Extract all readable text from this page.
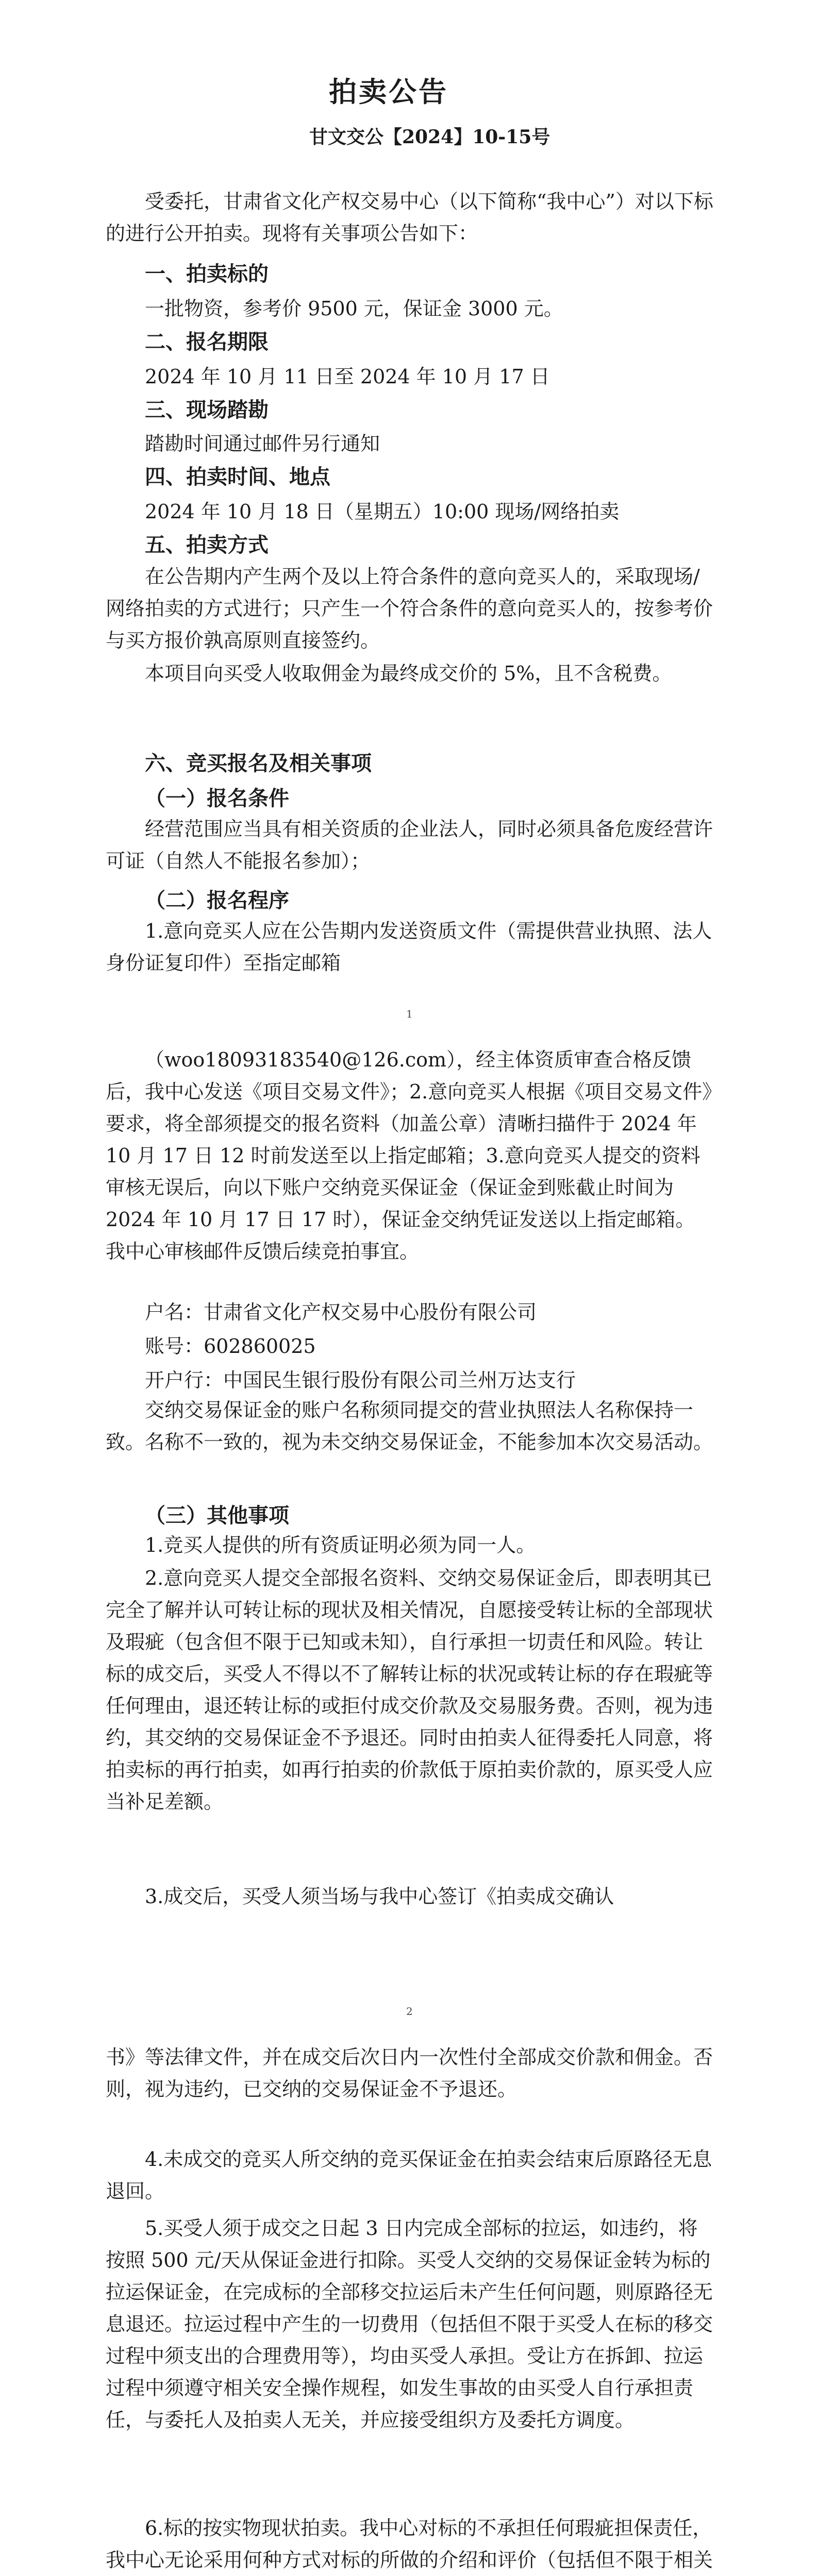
拍卖公告
甘文交公【2024】10-15号
受委托，甘肃省文化产权交易中心（以下简称“我中心”）对以下标的进行公开拍卖。现将有关事项公告如下：
一、拍卖标的
一批物资，参考价 9500 元，保证金 3000 元。
二、报名期限
2024 年 10 月 11 日至 2024 年 10 月 17 日
三、现场踏勘
踏勘时间通过邮件另行通知
四、拍卖时间、地点
2024 年 10 月 18 日（星期五）10:00 现场/网络拍卖
五、拍卖方式
在公告期内产生两个及以上符合条件的意向竞买人的，采取现场/网络拍卖的方式进行；只产生一个符合条件的意向竞买人的，按参考价与买方报价孰高原则直接签约。
本项目向买受人收取佣金为最终成交价的 5%，且不含税费。
六、竞买报名及相关事项
（一）报名条件
经营范围应当具有相关资质的企业法人，同时必须具备危废经营许可证（自然人不能报名参加）；
（二）报名程序
1.意向竞买人应在公告期内发送资质文件（需提供营业执照、法人身份证复印件）至指定邮箱
1
（woo18093183540@126.com），经主体资质审查合格反馈后，我中心发送《项目交易文件》；2.意向竞买人根据《项目交易文件》要求，将全部须提交的报名资料（加盖公章）清晰扫描件于 2024 年 10 月 17 日 12 时前发送至以上指定邮箱；3.意向竞买人提交的资料审核无误后，向以下账户交纳竞买保证金（保证金到账截止时间为 2024 年 10 月 17 日 17 时），保证金交纳凭证发送以上指定邮箱。我中心审核邮件反馈后续竞拍事宜。
户名：甘肃省文化产权交易中心股份有限公司
账号：602860025
开户行：中国民生银行股份有限公司兰州万达支行
交纳交易保证金的账户名称须同提交的营业执照法人名称保持一致。名称不一致的，视为未交纳交易保证金，不能参加本次交易活动。
（三）其他事项
1.竞买人提供的所有资质证明必须为同一人。
2.意向竞买人提交全部报名资料、交纳交易保证金后，即表明其已完全了解并认可转让标的现状及相关情况，自愿接受转让标的全部现状及瑕疵（包含但不限于已知或未知），自行承担一切责任和风险。转让标的成交后，买受人不得以不了解转让标的状况或转让标的存在瑕疵等任何理由，退还转让标的或拒付成交价款及交易服务费。否则，视为违约，其交纳的交易保证金不予退还。同时由拍卖人征得委托人同意，将拍卖标的再行拍卖，如再行拍卖的价款低于原拍卖价款的，原买受人应当补足差额。
3.成交后，买受人须当场与我中心签订《拍卖成交确认
2
书》等法律文件，并在成交后次日内一次性付全部成交价款和佣金。否则，视为违约，已交纳的交易保证金不予退还。
4.未成交的竞买人所交纳的竞买保证金在拍卖会结束后原路径无息退回。
5.买受人须于成交之日起 3 日内完成全部标的拉运，如违约，将按照 500 元/天从保证金进行扣除。买受人交纳的交易保证金转为标的拉运保证金，在完成标的全部移交拉运后未产生任何问题，则原路径无息退还。拉运过程中产生的一切费用（包括但不限于买受人在标的移交过程中须支出的合理费用等），均由买受人承担。受让方在拆卸、拉运过程中须遵守相关安全操作规程，如发生事故的由买受人自行承担责任，与委托人及拍卖人无关，并应接受组织方及委托方调度。
6.标的按实物现状拍卖。我中心对标的不承担任何瑕疵担保责任，我中心无论采用何种方式对标的所做的介绍和评价（包括但不限于相关
